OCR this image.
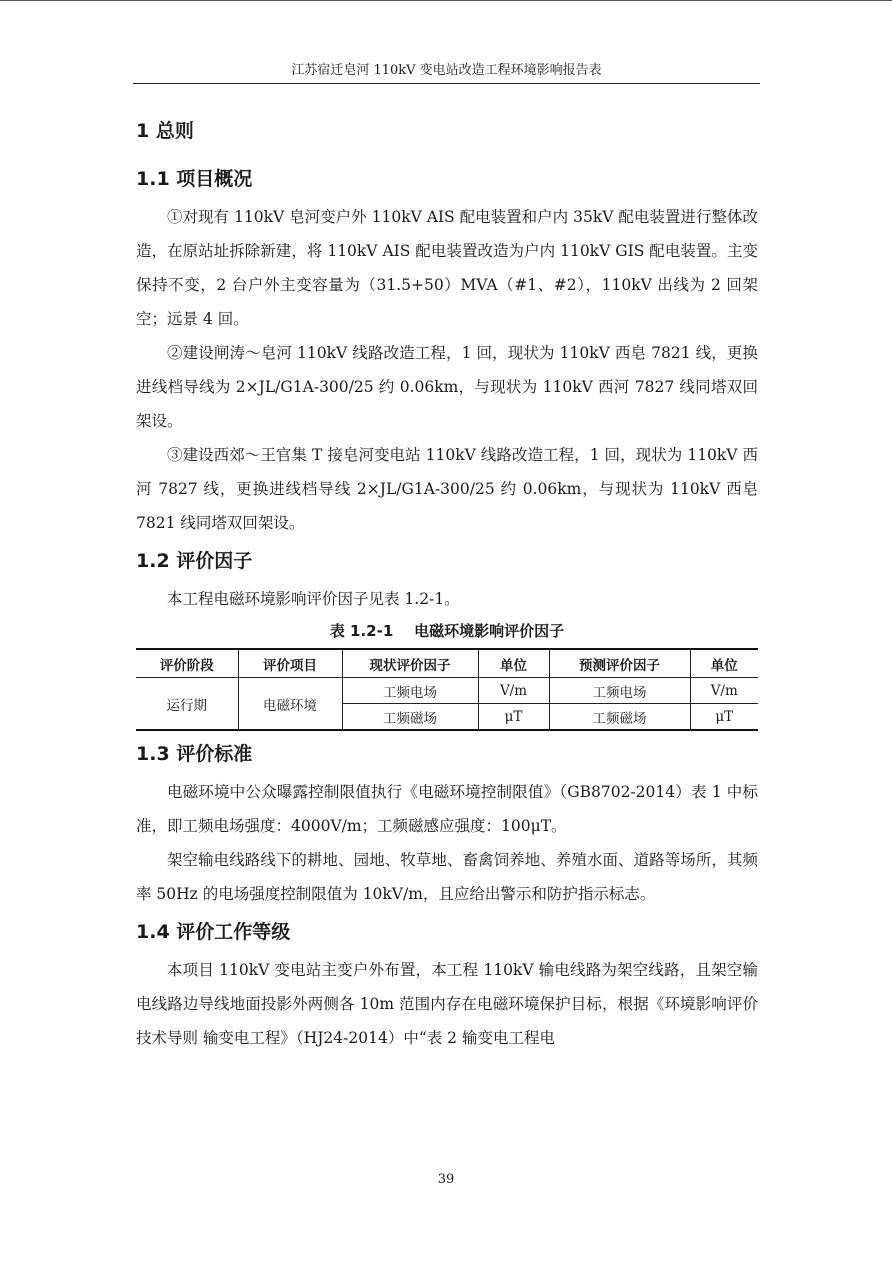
江苏宿迁皂河 110kV 变电站改造工程环境影响报告表
1 总则
1.1 项目概况

①对现有 110kV 皂河变户外 110kV AIS 配电装置和户内 35kV 配电装置进行整体改造，在原站址拆除新建，将 110kV AIS 配电装置改造为户内 110kV GIS 配电装置。主变保持不变，2 台户外主变容量为（31.5+50）MVA（#1、#2），110kV 出线为 2 回架空；远景 4 回。

②建设闸涛～皂河 110kV 线路改造工程，1 回，现状为 110kV 西皂 7821 线，更换进线档导线为 2×JL/G1A-300/25 约 0.06km，与现状为 110kV 西河 7827 线同塔双回架设。

③建设西郊～王官集 T 接皂河变电站 110kV 线路改造工程，1 回，现状为 110kV 西河 7827 线，更换进线档导线 2×JL/G1A-300/25 约 0.06km，与现状为 110kV 西皂 7821 线同塔双回架设。

1.2 评价因子

本工程电磁环境影响评价因子见表 1.2-1。

表 1.2-1    电磁环境影响评价因子
评价阶段	评价项目	现状评价因子	单位	预测评价因子	单位
运行期	电磁环境	工频电场	V/m	工频电场	V/m
		工频磁场	μT	工频磁场	μT
1.3 评价标准

电磁环境中公众曝露控制限值执行《电磁环境控制限值》（GB8702-2014）表 1 中标准，即工频电场强度：4000V/m；工频磁感应强度：100μT。

架空输电线路线下的耕地、园地、牧草地、畜禽饲养地、养殖水面、道路等场所，其频率 50Hz 的电场强度控制限值为 10kV/m，且应给出警示和防护指示标志。

1.4 评价工作等级

本项目 110kV 变电站主变户外布置，本工程 110kV 输电线路为架空线路，且架空输电线路边导线地面投影外两侧各 10m 范围内存在电磁环境保护目标，根据《环境影响评价技术导则 输变电工程》（HJ24-2014）中“表 2 输变电工程电

39
